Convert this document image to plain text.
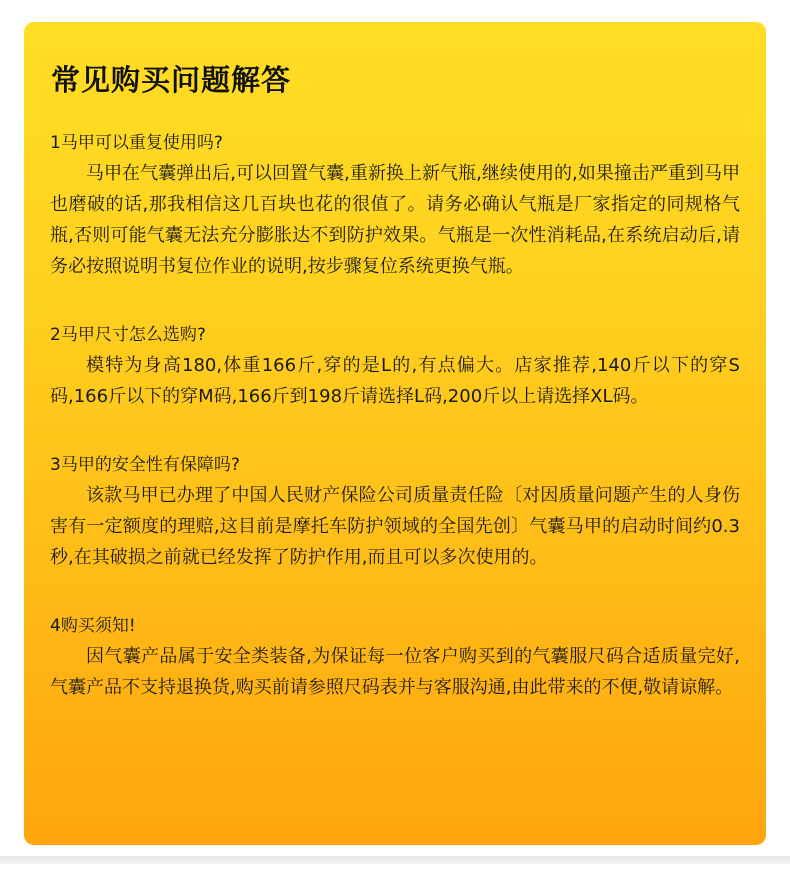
常见购买问题解答

1马甲可以重复使用吗?

马甲在气囊弹出后,可以回置气囊,重新换上新气瓶,继续使用的,如果撞击严重到马甲也磨破的话,那我相信这几百块也花的很值了。请务必确认气瓶是厂家指定的同规格气瓶,否则可能气囊无法充分膨胀达不到防护效果。气瓶是一次性消耗品,在系统启动后,请务必按照说明书复位作业的说明,按步骤复位系统更换气瓶。

2马甲尺寸怎么选购?

模特为身高180,体重166斤,穿的是L的,有点偏大。店家推荐,140斤以下的穿S码,166斤以下的穿M码,166斤到198斤请选择L码,200斤以上请选择XL码。

3马甲的安全性有保障吗?

该款马甲已办理了中国人民财产保险公司质量责任险〔对因质量问题产生的人身伤害有一定额度的理赔,这目前是摩托车防护领域的全国先创〕气囊马甲的启动时间约0.3秒,在其破损之前就已经发挥了防护作用,而且可以多次使用的。

4购买须知!

因气囊产品属于安全类装备,为保证每一位客户购买到的气囊服尺码合适质量完好,气囊产品不支持退换货,购买前请参照尺码表并与客服沟通,由此带来的不便,敬请谅解。
